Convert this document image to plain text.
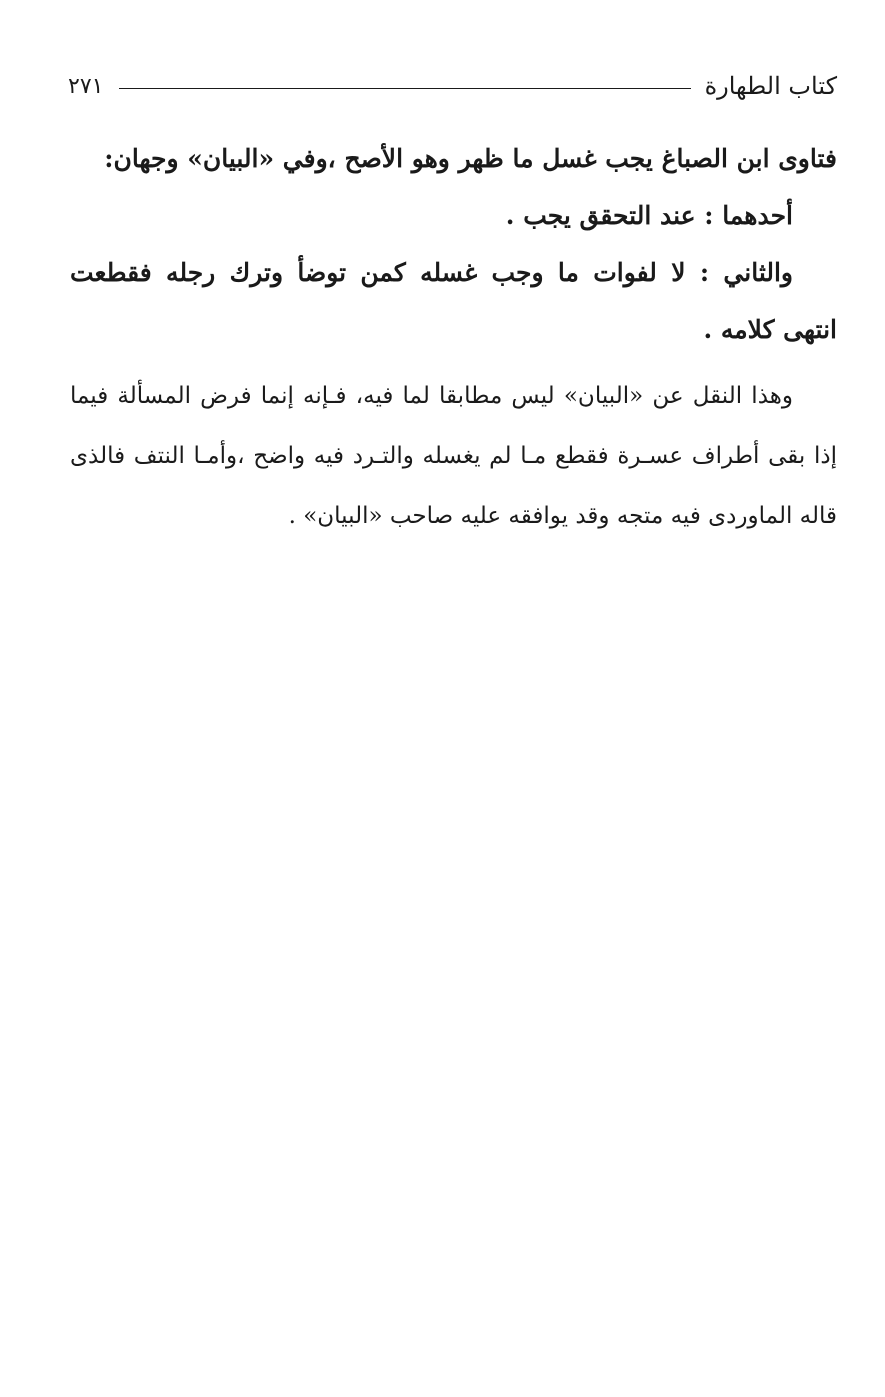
كتاب الطهارة
٢٧١

فتاوى ابن الصباغ يجب غسل ما ظهر وهو الأصح ،وفي «البيان» وجهان:

أحدهما : عند التحقق يجب .

والثاني : لا لفوات ما وجب غسله كمن توضأ وترك رجله فقطعت انتهى كلامه .

وهذا النقل عن «البيان» ليس مطابقا لما فيه، فـإنه إنما فرض المسألة فيما إذا بقى أطراف عسـرة فقطع مـا لم يغسله والتـرد فيه واضح ،وأمـا النتف فالذى قاله الماوردى فيه متجه وقد يوافقه عليه صاحب «البيان» .
